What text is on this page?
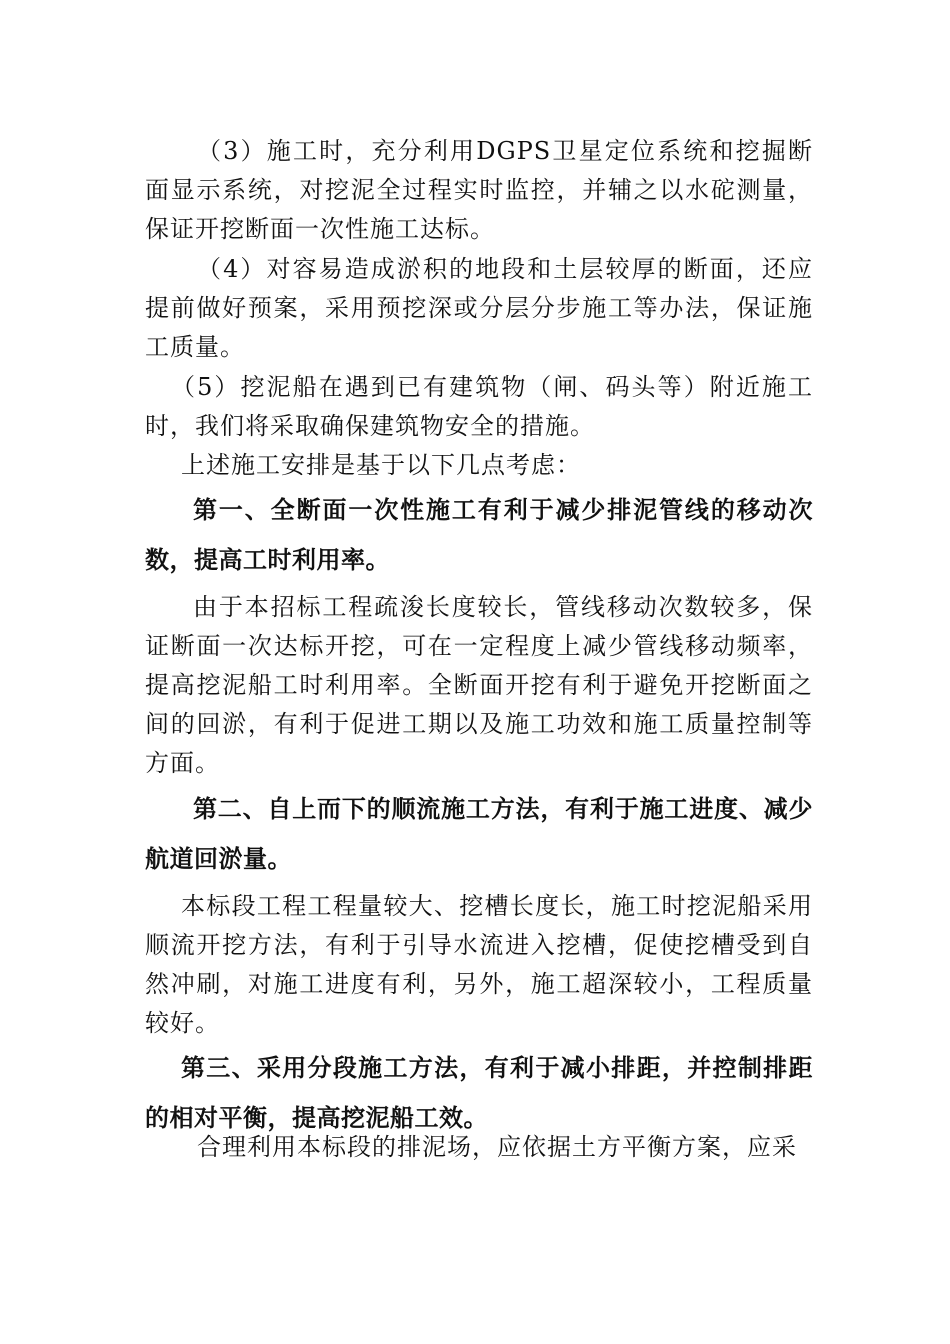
（3）施工时，充分利用DGPS卫星定位系统和挖掘断面显示系统，对挖泥全过程实时监控，并辅之以水砣测量，保证开挖断面一次性施工达标。

（4）对容易造成淤积的地段和土层较厚的断面，还应提前做好预案，采用预挖深或分层分步施工等办法，保证施工质量。

（5）挖泥船在遇到已有建筑物（闸、码头等）附近施工时，我们将采取确保建筑物安全的措施。

上述施工安排是基于以下几点考虑：

第一、全断面一次性施工有利于减少排泥管线的移动次数，提高工时利用率。

由于本招标工程疏浚长度较长，管线移动次数较多，保证断面一次达标开挖，可在一定程度上减少管线移动频率，提高挖泥船工时利用率。全断面开挖有利于避免开挖断面之间的回淤，有利于促进工期以及施工功效和施工质量控制等方面。

第二、自上而下的顺流施工方法，有利于施工进度、减少航道回淤量。

本标段工程工程量较大、挖槽长度长，施工时挖泥船采用顺流开挖方法，有利于引导水流进入挖槽，促使挖槽受到自然冲刷，对施工进度有利，另外，施工超深较小，工程质量较好。

第三、采用分段施工方法，有利于减小排距，并控制排距的相对平衡，提高挖泥船工效。

合理利用本标段的排泥场，应依据土方平衡方案，应采
